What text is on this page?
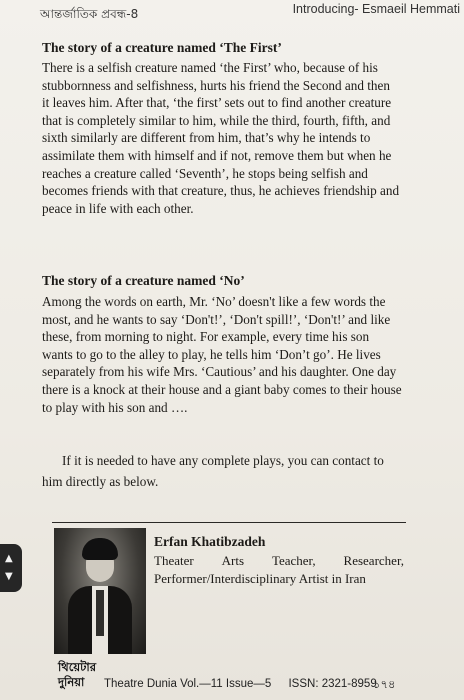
আন্তর্জাতিক প্রবন্ধ-8	Introducing- Esmaeil Hemmati
The story of a creature named ‘The First’
There is a selfish creature named ‘the First’ who, because of his
stubbornness and selfishness, hurts his friend the Second and then
it leaves him. After that, ‘the first’ sets out to find another creature
that is completely similar to him, while the third, fourth, fifth, and
sixth similarly are different from him, that’s why he intends to
assimilate them with himself and if not, remove them but when he
reaches a creature called ‘Seventh’, he stops being selfish and
becomes friends with that creature, thus, he achieves friendship and
peace in life with each other.
The story of a creature named ‘No’
Among the words on earth, Mr. ‘No’ doesn't like a few words the
most, and he wants to say ‘Don't!’, ‘Don't spill!’, ‘Don't!’ and like
these, from morning to night. For example, every time his son
wants to go to the alley to play, he tells him ‘Don’t go’. He lives
separately from his wife Mrs. ‘Cautious’ and his daughter. One day
there is a knock at their house and a giant baby comes to their house
to play with his son and ….
If it is needed to have any complete plays, you can contact to
him directly as below.
Erfan Khatibzadeh
Theater Arts Teacher, Researcher,
Performer/Interdisciplinary Artist in Iran
▲
▼
থিয়েটার
দুনিয়া	Theatre Dunia Vol.—11 Issue—5 ISSN: 2321-8959
১৭৪
